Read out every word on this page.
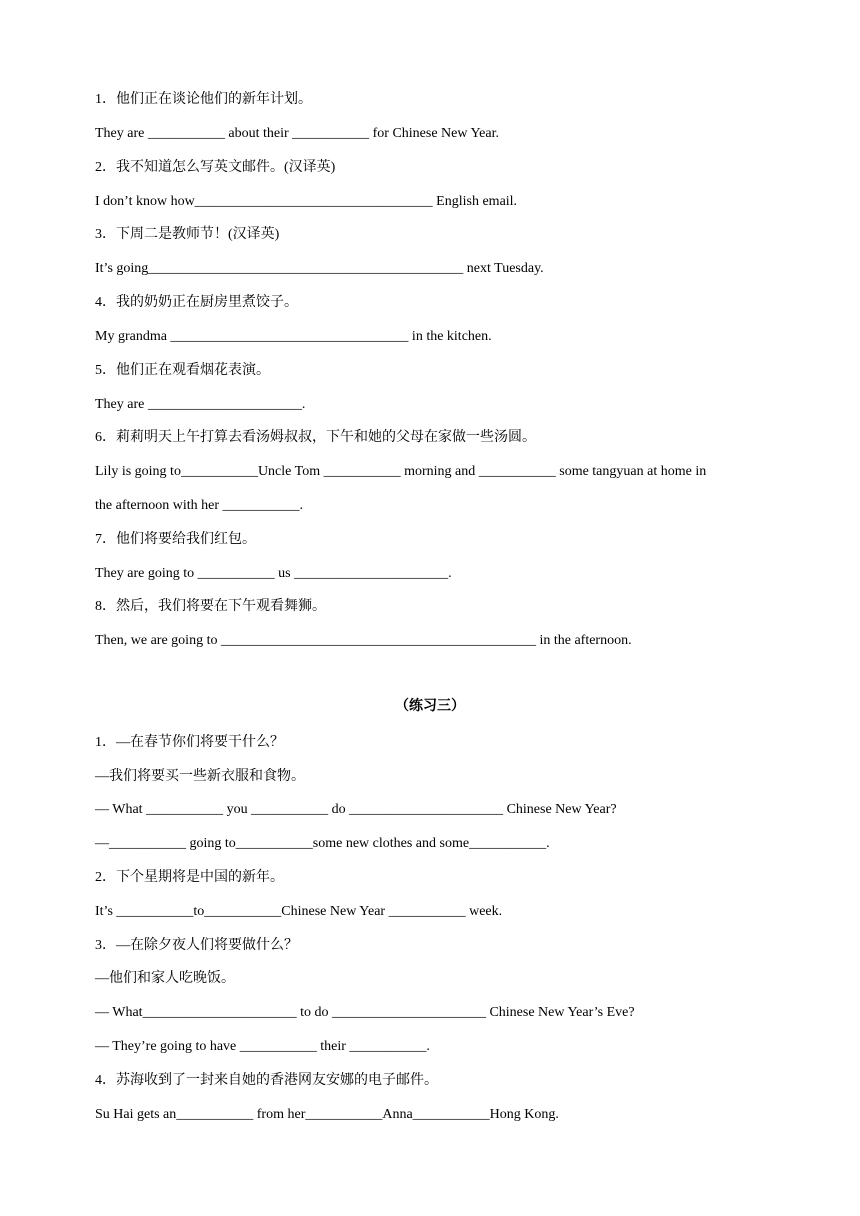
1．他们正在谈论他们的新年计划。
They are ___________ about their ___________ for Chinese New Year.
2．我不知道怎么写英文邮件。(汉译英)
I don’t know how__________________________________ English email.
3．下周二是教师节！(汉译英)
It’s going_____________________________________________ next Tuesday.
4．我的奶奶正在厨房里煮饺子。
My grandma __________________________________ in the kitchen.
5．他们正在观看烟花表演。
They are ______________________.
6．莉莉明天上午打算去看汤姆叔叔，下午和她的父母在家做一些汤圆。
Lily is going to___________Uncle Tom ___________ morning and ___________ some tangyuan at home in
the afternoon with her ___________.
7．他们将要给我们红包。
They are going to ___________ us ______________________.
8．然后，我们将要在下午观看舞狮。
Then, we are going to _____________________________________________ in the afternoon.
（练习三）
1．—在春节你们将要干什么？
—我们将要买一些新衣服和食物。
— What ___________ you ___________ do ______________________ Chinese New Year?
—___________ going to___________some new clothes and some___________.
2．下个星期将是中国的新年。
It’s ___________to___________Chinese New Year ___________ week.
3．—在除夕夜人们将要做什么？
—他们和家人吃晚饭。
— What______________________ to do ______________________ Chinese New Year’s Eve?
— They’re going to have ___________ their ___________.
4．苏海收到了一封来自她的香港网友安娜的电子邮件。
Su Hai gets an___________ from her___________Anna___________Hong Kong.
